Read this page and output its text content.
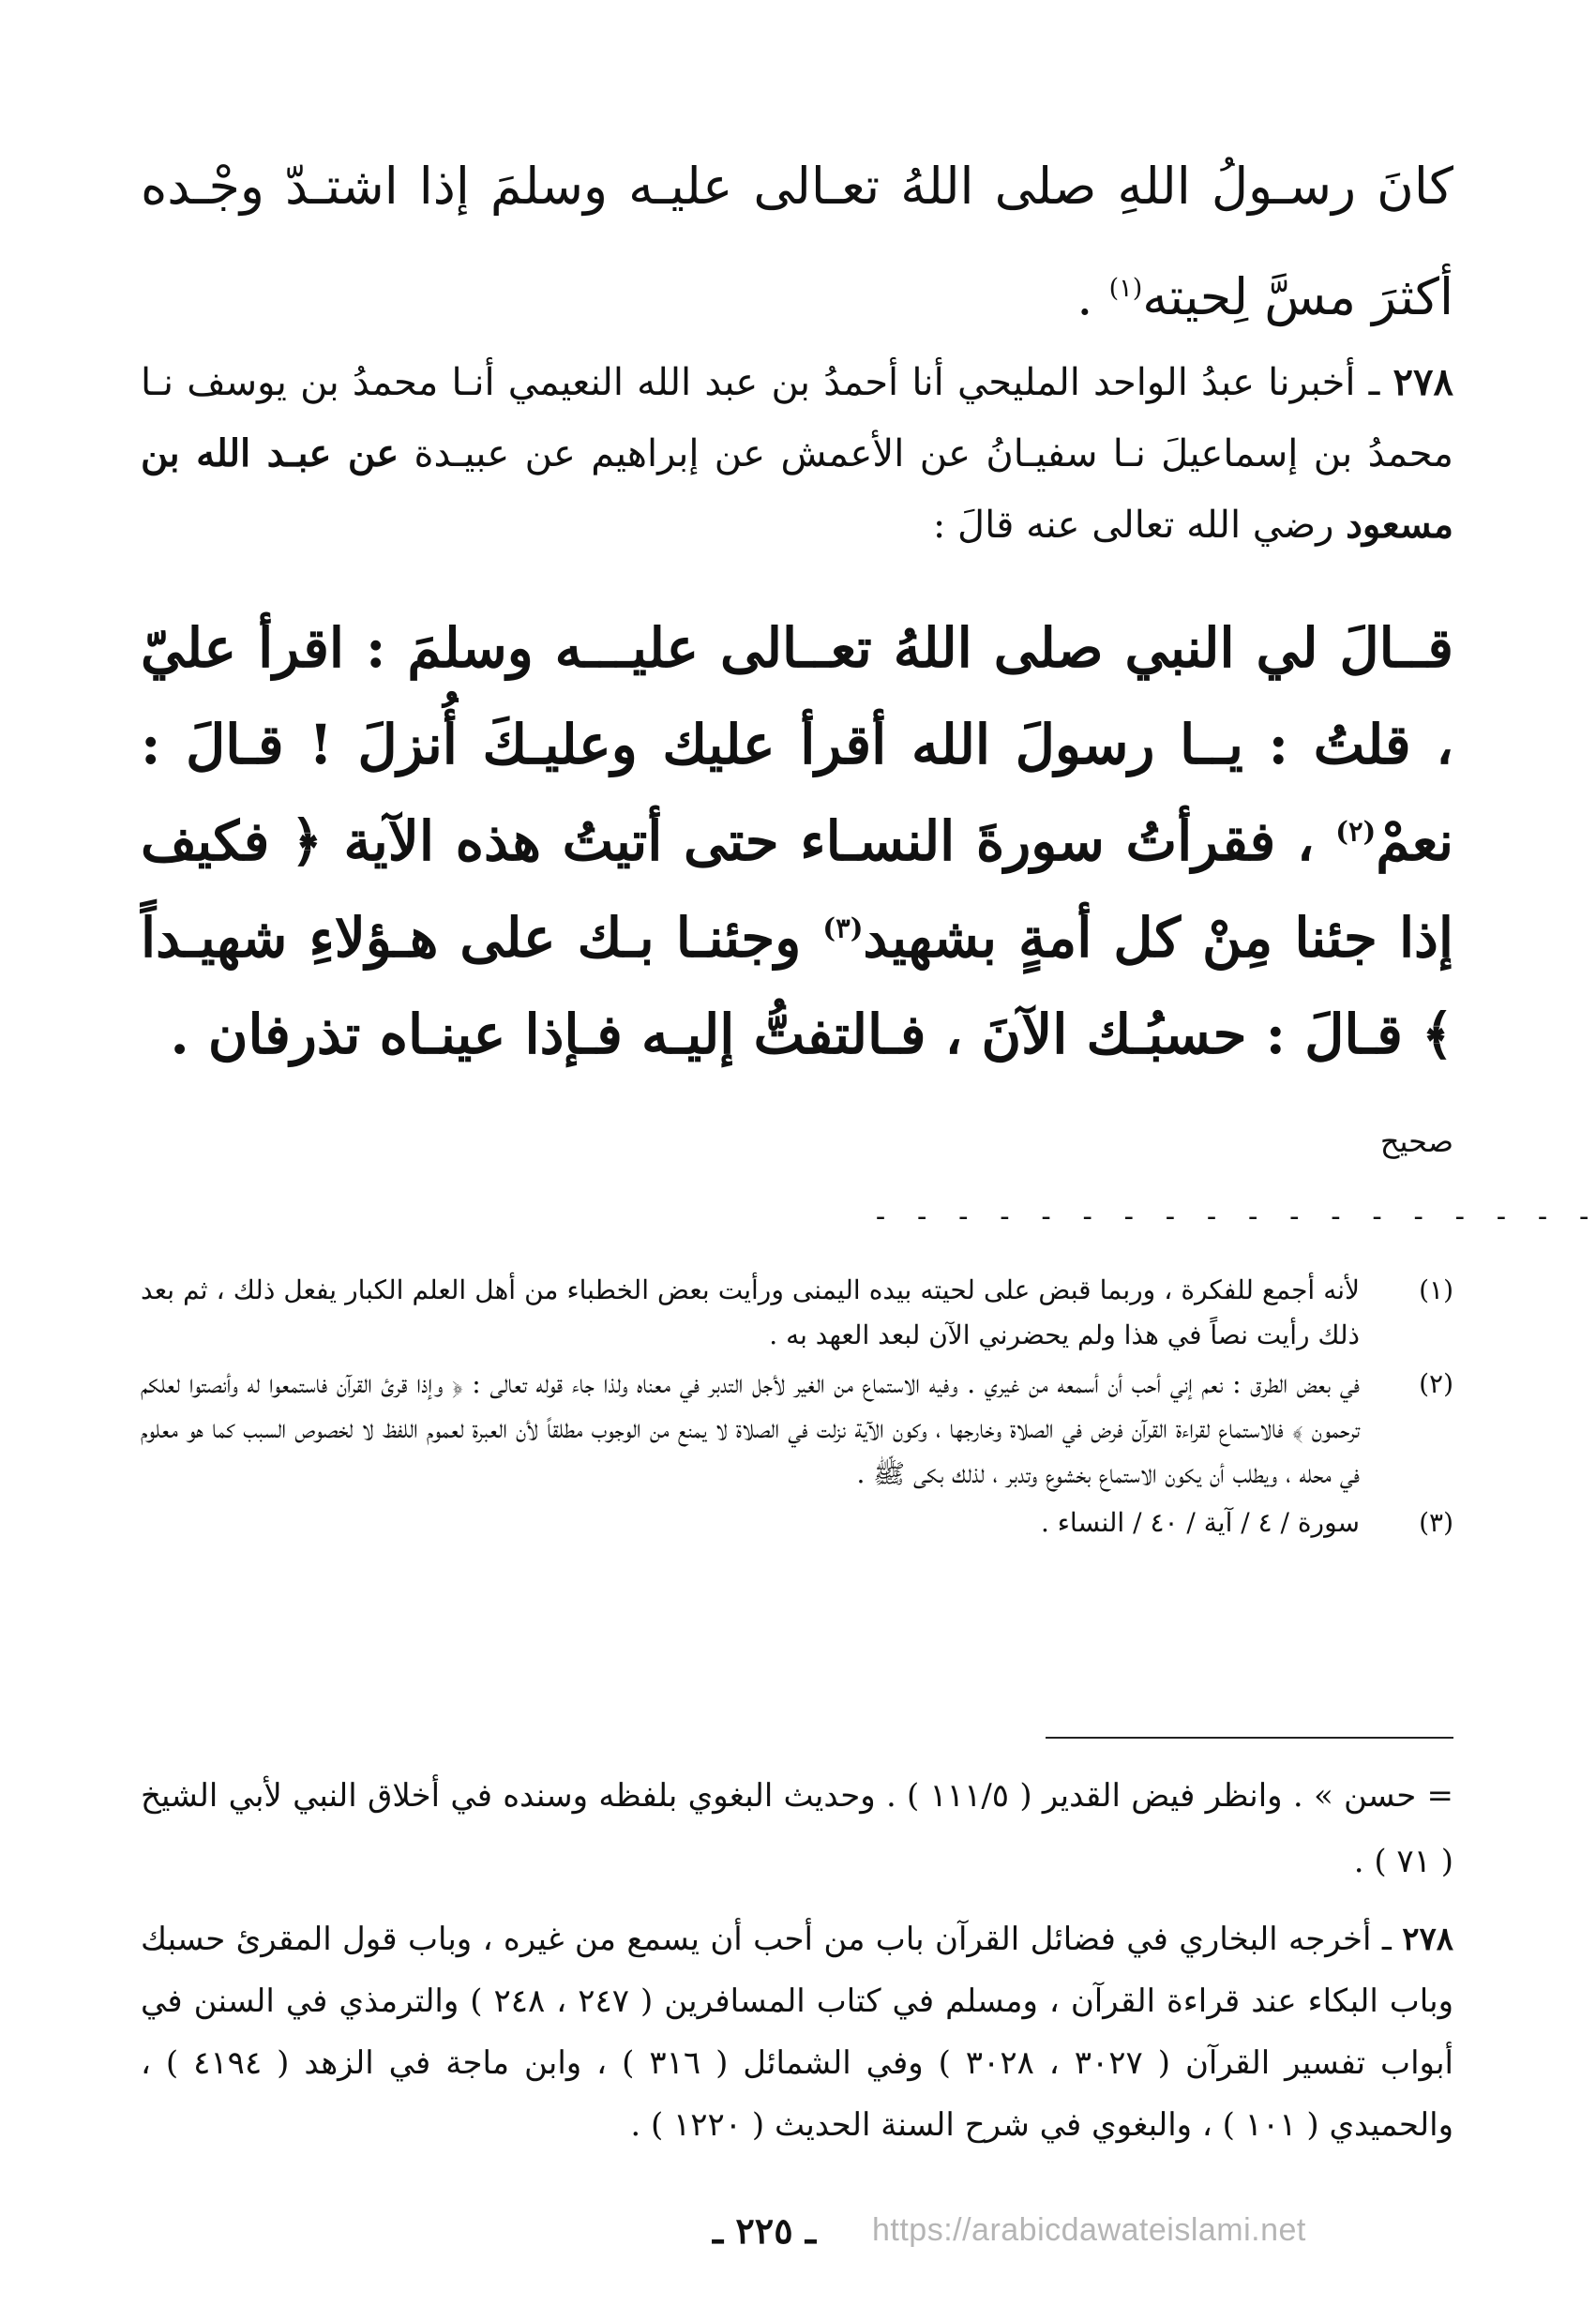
كانَ رسـولُ اللهِ صلى اللهُ تعـالى عليـه وسلمَ إذا اشتـدّ وجْـده أكثرَ مسَّ لِحيته$^{(١)}$ .
٢٧٨ ـ أخبرنا عبدُ الواحد المليحي أنا أحمدُ بن عبد الله النعيمي أنـا محمدُ بن يوسف نـا محمدُ بن إسماعيلَ نـا سفيـانُ عن الأعمش عن إبراهيم عن عبيـدة عن عبـد الله بن مسعود رضي الله تعالى عنه قالَ :
قــالَ لي النبي صلى اللهُ تعــالى عليـــه وسلمَ : اقرأ عليّ ، قلتُ : يــا رسولَ الله أقرأ عليك وعليـكَ أُنزلَ ! قـالَ : نعمْ$^{(٢)}$ ، فقرأتُ سورةَ النسـاء حتى أتيتُ هذه الآية ﴿ فكيف إذا جئنا مِنْ كل أمةٍ بشهيد$^{(٣)}$ وجئنـا بـك على هـؤلاءِ شهيـداً ﴾ قـالَ : حسبُـك الآنَ ، فـالتفتُّ إليـه فـإذا عينـاه تذرفان .
صحيح
- - - - - - - - - - - - - - - - - -
(١)
لأنه أجمع للفكرة ، وربما قبض على لحيته بيده اليمنى ورأيت بعض الخطباء من أهل العلم الكبار يفعل ذلك ، ثم بعد ذلك رأيت نصاً في هذا ولم يحضرني الآن لبعد العهد به .
(٢)
في بعض الطرق : نعم إني أحب أن أسمعه من غيري . وفيه الاستماع من الغير لأجل التدبر في معناه ولذا جاء قوله تعالى : ﴿ وإذا قرئ القرآن فاستمعوا له وأنصتوا لعلكم ترحمون ﴾ فالاستماع لقراءة القرآن فرض في الصلاة وخارجها ، وكون الآية نزلت في الصلاة لا يمنع من الوجوب مطلقاً لأن العبرة لعموم اللفظ لا لخصوص السبب كما هو معلوم في محله ، ويطلب أن يكون الاستماع بخشوع وتدبر ، لذلك بكى ﷺ .
(٣)
سورة / ٤ / آية / ٤٠ / النساء .
= حسن » . وانظر فيض القدير ( ١١١/٥ ) . وحديث البغوي بلفظه وسنده في أخلاق النبي لأبي الشيخ ( ٧١ ) .
٢٧٨ ـ أخرجه البخاري في فضائل القرآن باب من أحب أن يسمع من غيره ، وباب قول المقرئ حسبك وباب البكاء عند قراءة القرآن ، ومسلم في كتاب المسافرين ( ٢٤٧ ، ٢٤٨ ) والترمذي في السنن في أبواب تفسير القرآن ( ٣٠٢٧ ، ٣٠٢٨ ) وفي الشمائل ( ٣١٦ ) ، وابن ماجة في الزهد ( ٤١٩٤ ) ، والحميدي ( ١٠١ ) ، والبغوي في شرح السنة الحديث ( ١٢٢٠ ) .
ـ ٢٢٥ ـ https://arabicdawateislami.net
